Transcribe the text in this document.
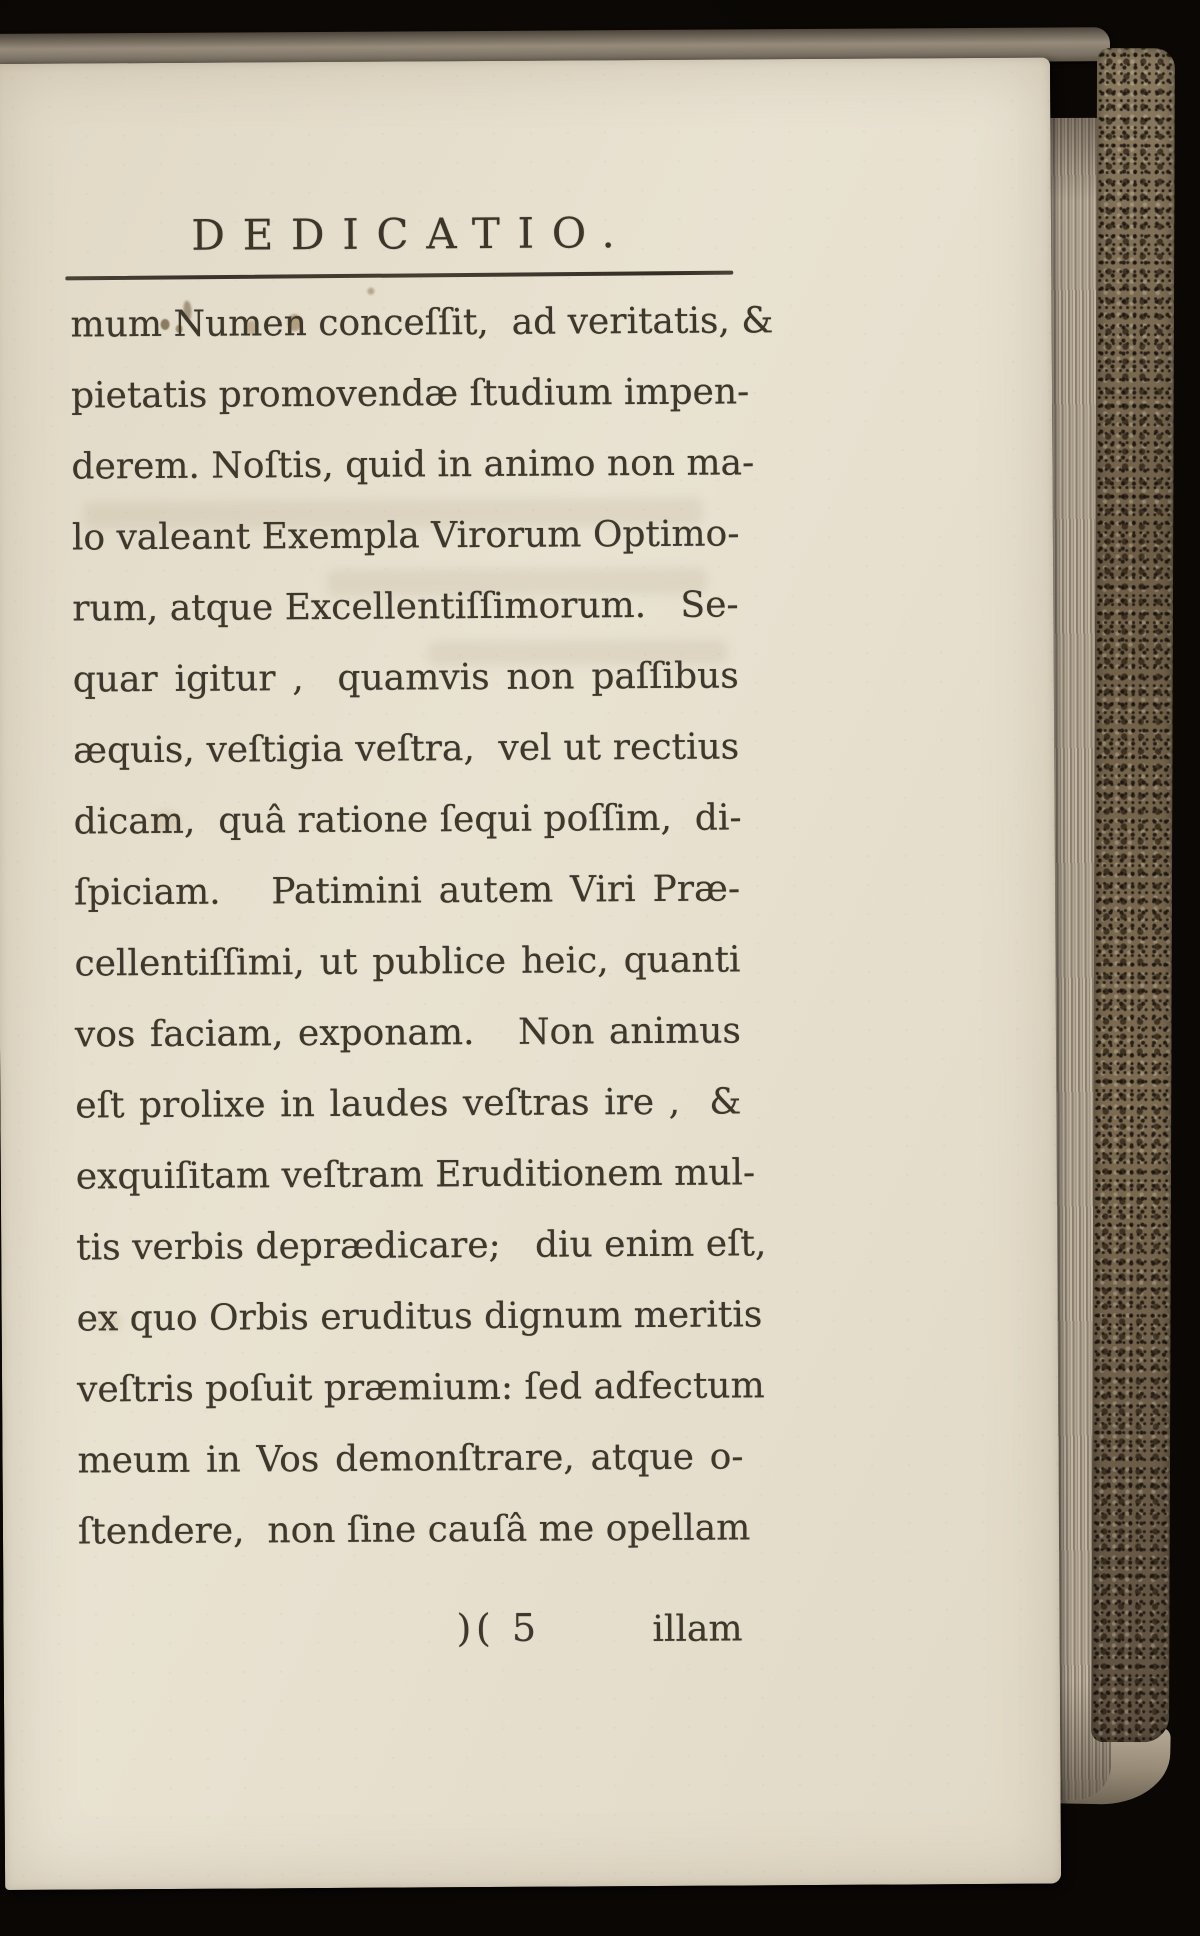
DEDICATIO.
mum Numen conceſſit,  ad veritatis, &
pietatis promovendæ ſtudium impen-
derem. Noſtis, quid in animo non ma-
lo valeant Exempla Virorum Optimo-
rum, atque Excellentiſſimorum.   Se-
quar igitur ,  quamvis non paſſibus
æquis, veſtigia veſtra,  vel ut rectius
dicam,  quâ ratione ſequi poſſim,  di-
ſpiciam.   Patimini autem Viri Præ-
cellentiſſimi, ut publice heic, quanti
vos faciam, exponam.   Non animus
eſt prolixe in laudes veſtras ire ,  &
exquiſitam veſtram Eruditionem mul-
tis verbis deprædicare;   diu enim eſt,
ex quo Orbis eruditus dignum meritis
veſtris poſuit præmium: ſed adfectum
meum in Vos demonſtrare, atque o-
ſtendere,  non ſine cauſâ me opellam
)( 5	illam
